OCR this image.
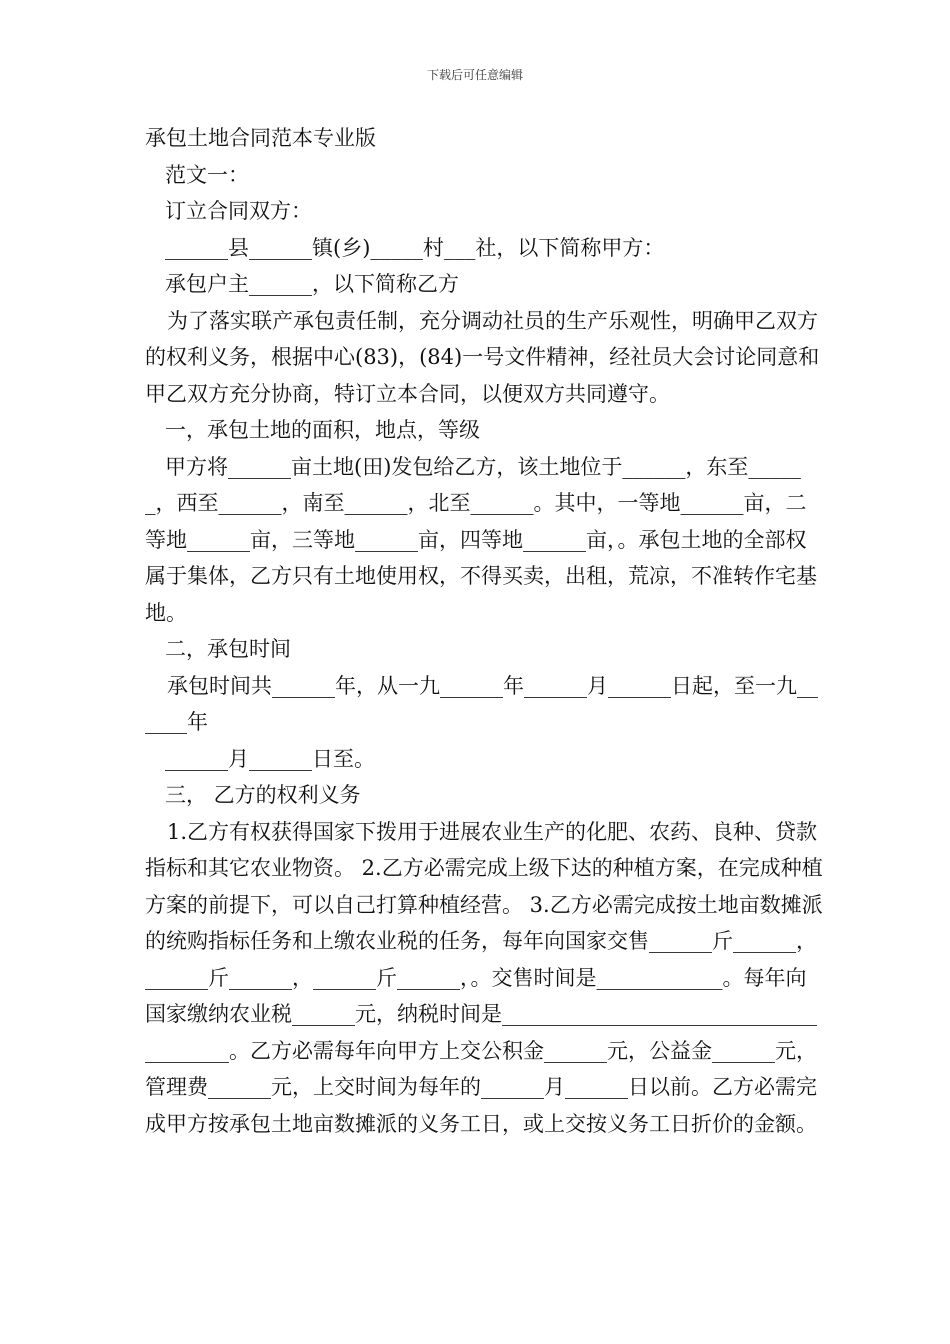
下载后可任意编辑

承包土地合同范本专业版

范文一：

订立合同双方：

______县______镇(乡)_____村___社，以下简称甲方：

承包户主______，以下简称乙方

为了落实联产承包责任制，充分调动社员的生产乐观性，明确甲乙双方的权利义务，根据中心(83)，(84)一号文件精神，经社员大会讨论同意和甲乙双方充分协商，特订立本合同，以便双方共同遵守。

一，承包土地的面积，地点，等级

甲方将______亩土地(田)发包给乙方，该土地位于______，东至______，西至______，南至______，北至______。其中，一等地______亩，二等地______亩，三等地______亩，四等地______亩，。承包土地的全部权属于集体，乙方只有土地使用权，不得买卖，出租，荒凉，不准转作宅基地。

二，承包时间

承包时间共______年，从一九______年______月______日起，至一九______年

______月______日至。

三， 乙方的权利义务

1.乙方有权获得国家下拨用于进展农业生产的化肥、农药、良种、贷款指标和其它农业物资。 2.乙方必需完成上级下达的种植方案，在完成种植方案的前提下，可以自己打算种植经营。 3.乙方必需完成按土地亩数摊派的统购指标任务和上缴农业税的任务，每年向国家交售______斤______，______斤______，______斤______，。交售时间是____________。每年向国家缴纳农业税______元，纳税时间是______________________________________。乙方必需每年向甲方上交公积金______元，公益金______元，管理费______元，上交时间为每年的______月______日以前。乙方必需完成甲方按承包土地亩数摊派的义务工日，或上交按义务工日折价的金额。
